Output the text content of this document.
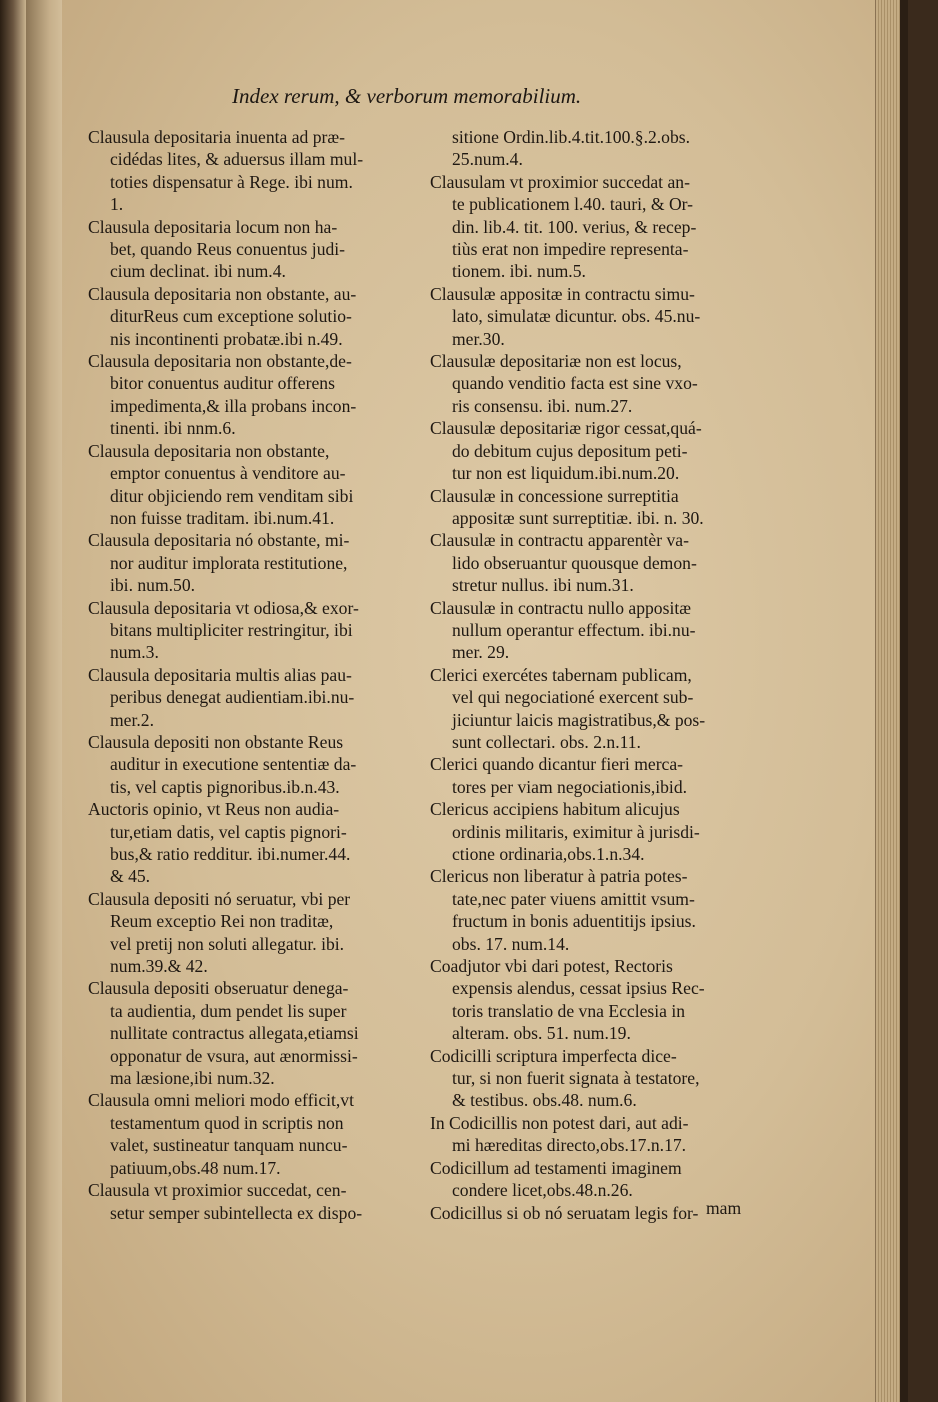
Index rerum, & verborum memorabilium.
Clausula depositaria inuenta ad præ-
cidédas lites, & aduersus illam mul-
toties dispensatur à Rege. ibi num.
1.
Clausula depositaria locum non ha-
bet, quando Reus conuentus judi-
cium declinat. ibi num.4.
Clausula depositaria non obstante, au-
diturReus cum exceptione solutio-
nis incontinenti probatæ.ibi n.49.
Clausula depositaria non obstante,de-
bitor conuentus auditur offerens
impedimenta,& illa probans incon-
tinenti. ibi nnm.6.
Clausula depositaria non obstante,
emptor conuentus à venditore au-
ditur objiciendo rem venditam sibi
non fuisse traditam. ibi.num.41.
Clausula depositaria nó obstante, mi-
nor auditur implorata restitutione,
ibi. num.50.
Clausula depositaria vt odiosa,& exor-
bitans multipliciter restringitur, ibi
num.3.
Clausula depositaria multis alias pau-
peribus denegat audientiam.ibi.nu-
mer.2.
Clausula depositi non obstante Reus
auditur in executione sententiæ da-
tis, vel captis pignoribus.ib.n.43.
Auctoris opinio, vt Reus non audia-
tur,etiam datis, vel captis pignori-
bus,& ratio redditur. ibi.numer.44.
& 45.
Clausula depositi nó seruatur, vbi per
Reum exceptio Rei non traditæ,
vel pretij non soluti allegatur. ibi.
num.39.& 42.
Clausula depositi obseruatur denega-
ta audientia, dum pendet lis super
nullitate contractus allegata,etiamsi
opponatur de vsura, aut ænormissi-
ma læsione,ibi num.32.
Clausula omni meliori modo efficit,vt
testamentum quod in scriptis non
valet, sustineatur tanquam nuncu-
patiuum,obs.48 num.17.
Clausula vt proximior succedat, cen-
setur semper subintellecta ex dispo-
sitione Ordin.lib.4.tit.100.§.2.obs.
25.num.4.
Clausulam vt proximior succedat an-
te publicationem l.40. tauri, & Or-
din. lib.4. tit. 100. verius, & recep-
tiùs erat non impedire representa-
tionem. ibi. num.5.
Clausulæ appositæ in contractu simu-
lato, simulatæ dicuntur. obs. 45.nu-
mer.30.
Clausulæ depositariæ non est locus,
quando venditio facta est sine vxo-
ris consensu. ibi. num.27.
Clausulæ depositariæ rigor cessat,quá-
do debitum cujus depositum peti-
tur non est liquidum.ibi.num.20.
Clausulæ in concessione surreptitia
appositæ sunt surreptitiæ. ibi. n. 30.
Clausulæ in contractu apparentèr va-
lido obseruantur quousque demon-
stretur nullus. ibi num.31.
Clausulæ in contractu nullo appositæ
nullum operantur effectum. ibi.nu-
mer. 29.
Clerici exercétes tabernam publicam,
vel qui negociationé exercent sub-
jiciuntur laicis magistratibus,& pos-
sunt collectari. obs. 2.n.11.
Clerici quando dicantur fieri merca-
tores per viam negociationis,ibid.
Clericus accipiens habitum alicujus
ordinis militaris, eximitur à jurisdi-
ctione ordinaria,obs.1.n.34.
Clericus non liberatur à patria potes-
tate,nec pater viuens amittit vsum-
fructum in bonis aduentitijs ipsius.
obs. 17. num.14.
Coadjutor vbi dari potest, Rectoris
expensis alendus, cessat ipsius Rec-
toris translatio de vna Ecclesia in
alteram. obs. 51. num.19.
Codicilli scriptura imperfecta dice-
tur, si non fuerit signata à testatore,
& testibus. obs.48. num.6.
In Codicillis non potest dari, aut adi-
mi hæreditas directo,obs.17.n.17.
Codicillum ad testamenti imaginem
condere licet,obs.48.n.26.
Codicillus si ob nó seruatam legis for- mam
